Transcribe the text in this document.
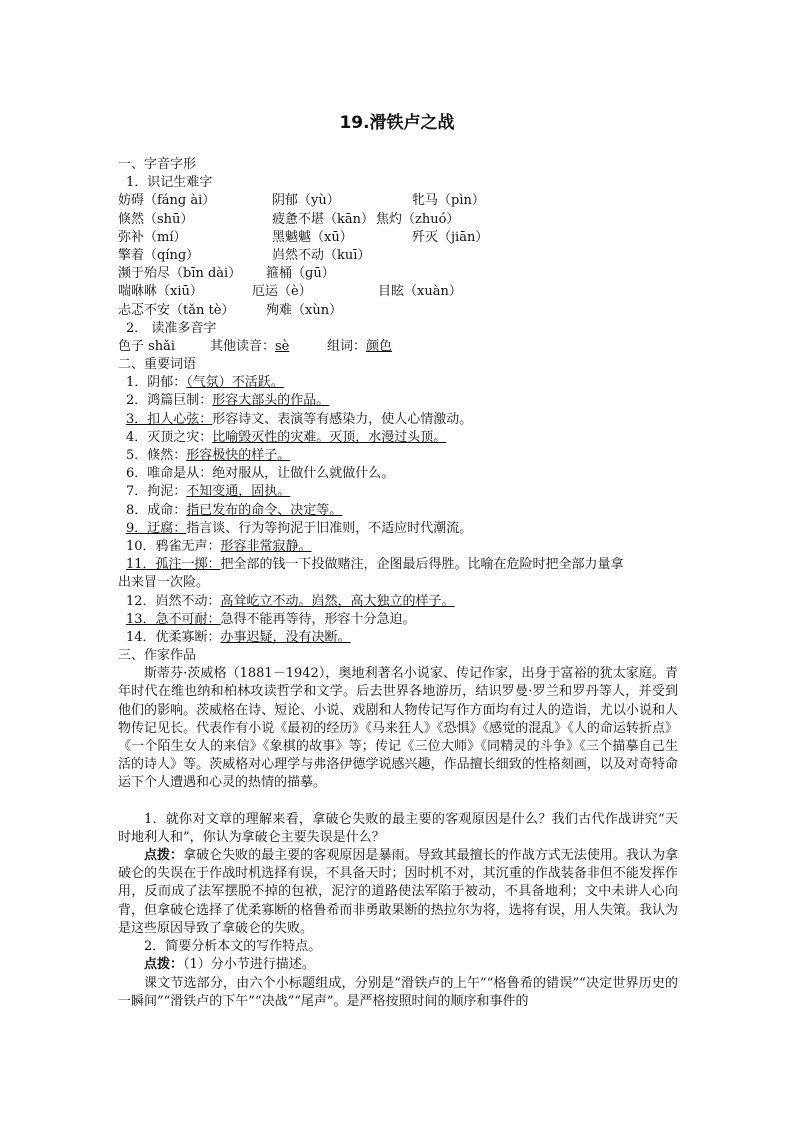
19.滑铁卢之战
一、字音字形
1．识记生难字
妨碍（fánɡ ài）	阴郁（yù）	牝马（pìn）
倏然（shū）	疲惫不堪（kān） 焦灼（zhuó）
弥补（mí）	黑魆魆（xū）	歼灭（jiān）
擎着（qínɡ）	岿然不动（kuī）
濒于殆尽（bīn dài） 箍桶（ɡū）
喘咻咻（xiū）	厄运（è）	目眩（xuàn）
忐忑不安（tǎn tè） 殉难（xùn）
2． 读准多音字
色子 shǎi	其他读音：sè	组词：颜色
二、重要词语
1．阴郁：（气氛）不活跃。
2．鸿篇巨制：形容大部头的作品。
3．扣人心弦：形容诗文、表演等有感染力，使人心情激动。
4．灭顶之灾：比喻毁灭性的灾难。灭顶，水漫过头顶。
5．倏然：形容极快的样子。
6．唯命是从：绝对服从，让做什么就做什么。
7．拘泥：不知变通，固执。
8．成命：指已发布的命令、决定等。
9．迂腐：指言谈、行为等拘泥于旧准则，不适应时代潮流。
10．鸦雀无声：形容非常寂静。
11．孤注一掷：把全部的钱一下投做赌注，企图最后得胜。比喻在危险时把全部力量拿
出来冒一次险。
12．岿然不动：高耸屹立不动。岿然，高大独立的样子。
13．急不可耐：急得不能再等待，形容十分急迫。
14．优柔寡断：办事迟疑，没有决断。
三、作家作品
斯蒂芬·茨威格（1881－1942），奥地利著名小说家、传记作家，出身于富裕的犹太家庭。青年时代在维也纳和柏林攻读哲学和文学。后去世界各地游历，结识罗曼·罗兰和罗丹等人，并受到他们的影响。茨威格在诗、短论、小说、戏剧和人物传记写作方面均有过人的造诣，尤以小说和人物传记见长。代表作有小说《最初的经历》《马来狂人》《恐惧》《感觉的混乱》《人的命运转折点》《一个陌生女人的来信》《象棋的故事》等；传记《三位大师》《同精灵的斗争》《三个描摹自己生活的诗人》等。茨威格对心理学与弗洛伊德学说感兴趣，作品擅长细致的性格刻画，以及对奇特命运下个人遭遇和心灵的热情的描摹。
1．就你对文章的理解来看，拿破仑失败的最主要的客观原因是什么？我们古代作战讲究“天时地利人和”，你认为拿破仑主要失误是什么？
点拨：拿破仑失败的最主要的客观原因是暴雨。导致其最擅长的作战方式无法使用。我认为拿破仑的失误在于作战时机选择有误，不具备天时；因时机不对，其沉重的作战装备非但不能发挥作用，反而成了法军摆脱不掉的包袱，泥泞的道路使法军陷于被动，不具备地利；文中未讲人心向背，但拿破仑选择了优柔寡断的格鲁希而非勇敢果断的热拉尔为将，选将有误，用人失策。我认为是这些原因导致了拿破仑的失败。
2．简要分析本文的写作特点。
点拨：（1）分小节进行描述。
课文节选部分，由六个小标题组成，分别是“滑铁卢的上午”“格鲁希的错误”“决定世界历史的一瞬间”“滑铁卢的下午”“决战”“尾声”。是严格按照时间的顺序和事件的
